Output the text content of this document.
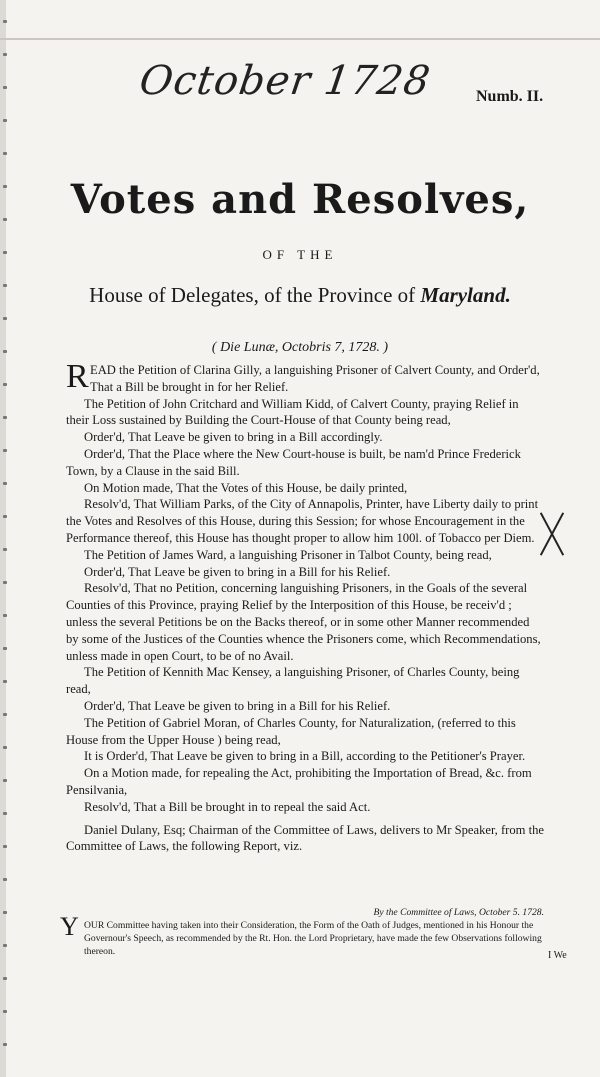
October 1728	Numb. II.
Votes and Resolves,
OF THE
House of Delegates, of the Province of Maryland.
( Die Lunæ, Octobris 7, 1728. )
R EAD the Petition of Clarina Gilly, a languishing Prisoner of Calvert County, and Order'd, That a Bill be brought in for her Relief.

The Petition of John Critchard and William Kidd, of Calvert County, praying Relief in their Loss sustained by Building the Court-House of that County being read,

Order'd, That Leave be given to bring in a Bill accordingly.

Order'd, That the Place where the New Court-house is built, be nam'd Prince Frederick Town, by a Clause in the said Bill.

On Motion made, That the Votes of this House, be daily printed,

Resolv'd, That William Parks, of the City of Annapolis, Printer, have Liberty daily to print the Votes and Resolves of this House, during this Session; for whose Encouragement in the Performance thereof, this House has thought proper to allow him 100l. of Tobacco per Diem.

The Petition of James Ward, a languishing Prisoner in Talbot County, being read,

Order'd, That Leave be given to bring in a Bill for his Relief.

Resolv'd, That no Petition, concerning languishing Prisoners, in the Goals of the several Counties of this Province, praying Relief by the Interposition of this House, be receiv'd ; unless the several Petitions be on the Backs thereof, or in some other Manner recommended by some of the Justices of the Counties whence the Prisoners come, which Recommendations, unless made in open Court, to be of no Avail.

The Petition of Kennith Mac Kensey, a languishing Prisoner, of Charles County, being read,

Order'd, That Leave be given to bring in a Bill for his Relief.

The Petition of Gabriel Moran, of Charles County, for Naturalization, (referred to this House from the Upper House ) being read,

It is Order'd, That Leave be given to bring in a Bill, according to the Petitioner's Prayer.

On a Motion made, for repealing the Act, prohibiting the Importation of Bread, &c. from Pensilvania,

Resolv'd, That a Bill be brought in to repeal the said Act.

Daniel Dulany, Esq; Chairman of the Committee of Laws, delivers to Mr Speaker, from the Committee of Laws, the following Report, viz.

Y	By the Committee of Laws, October 5. 1728.
OUR Committee having taken into their Consideration, the Form of the Oath of Judges, mentioned in his Honour the Governour's Speech, as recommended by the Rt. Hon. the Lord Proprietary, have made the few Observations following thereon.	I We
